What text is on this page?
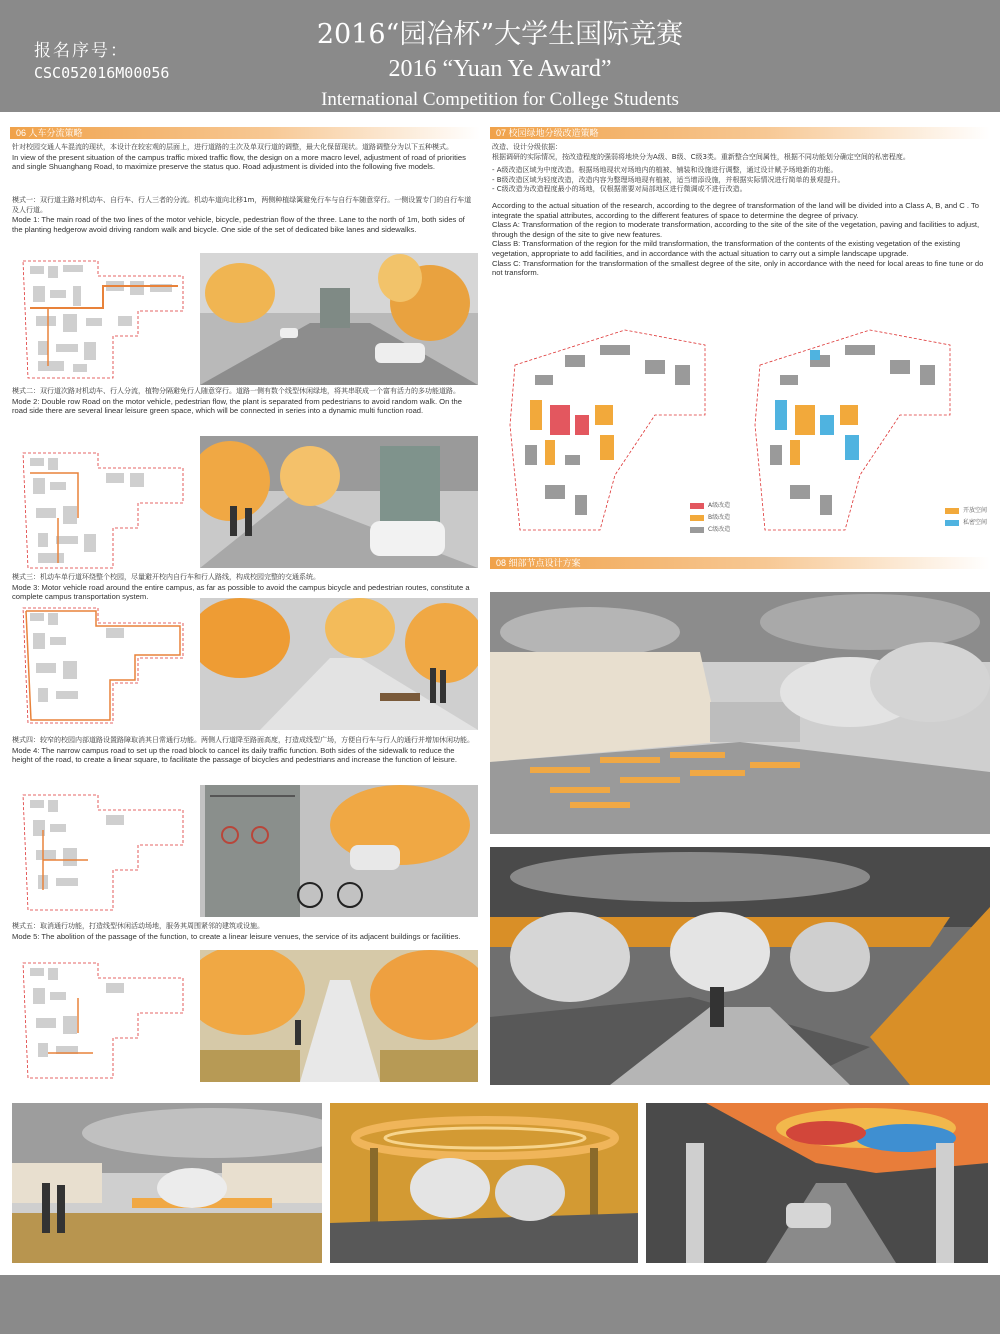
报名序号：
CSC052016M00056
2016“园冶杯”大学生国际竞赛
2016 “Yuan Ye Award”
International Competition for College Students
06 人车分流策略

针对校园交通人车混流的现状，本设计在较宏观的层面上，进行道路的主次及单双行道的调整，最大化保留现状。道路调整分为以下五种模式。

In view of the present situation of the campus traffic mixed traffic flow, the design on a more macro level, adjustment of road of priorities and single Shuanghang Road, to maximize preserve the status quo. Road adjustment is divided into the following five models.

模式一：双行道主路对机动车、自行车、行人三者的分流。机动车道向北移1m，两侧种植绿篱避免行车与自行车随意穿行。一侧设置专门的自行车道及人行道。

Mode 1: The main road of the two lines of the motor vehicle, bicycle, pedestrian flow of the three. Lane to the north of 1m, both sides of the planting hedgerow avoid driving random walk and bicycle. One side of the set of dedicated bike lanes and sidewalks.

模式二：双行道次路对机动车、行人分流，植物分隔避免行人随意穿行。道路一侧有数个线型休闲绿地，将其串联成一个富有活力的多功能道路。

Mode 2: Double row Road on the motor vehicle, pedestrian flow, the plant is separated from pedestrians to avoid random walk. On the road side there are several linear leisure green space, which will be connected in series into a dynamic multi function road.

模式三：机动车单行道环绕整个校园，尽量避开校内自行车和行人路线，构成校园完整的交通系统。

Mode 3: Motor vehicle road around the entire campus, as far as possible to avoid the campus bicycle and pedestrian routes, constitute a complete campus transportation system.

模式四：较窄的校园内部道路设置路障取消其日常通行功能。两侧人行道降至路面高度，打造成线型广场，方便自行车与行人的通行并增加休闲功能。

Mode 4: The narrow campus road to set up the road block to cancel its daily traffic function. Both sides of the sidewalk to reduce the height of the road, to create a linear square, to facilitate the passage of bicycles and pedestrians and increase the function of leisure.

模式五：取消通行功能，打造线型休闲活动场地，服务其周围紧邻的建筑或设施。

Mode 5: The abolition of the passage of the function, to create a linear leisure venues, the service of its adjacent buildings or facilities.

07 校园绿地分级改造策略

改造、设计分级依据：

根据调研的实际情况，按改造程度的强弱将地块分为A级、B级、C级3类。重新整合空间属性，根据不同功能划分确定空间的私密程度。

- A级改造区域为中度改造。根据场地现状对场地内的植被、铺装和设施进行调整，通过设计赋予场地新的功能。

- B级改造区域为轻度改造，改造内容为整理场地现有植被，适当增添设施，并根据实际情况进行简单的景观提升。

- C级改造为改造程度最小的场地，仅根据需要对局部地区进行微调或不进行改造。

According to the actual situation of the research, according to the degree of transformation of the land will be divided into a Class A, B, and C . To integrate the spatial attributes, according to the different features of space to determine the degree of privacy.

Class A: Transformation of the region to moderate transformation, according to the site of the site of the vegetation, paving and facilities to adjust, through the design of the site to give new features.

Class B: Transformation of the region for the mild transformation, the transformation of the contents of the existing vegetation of the existing vegetation, appropriate to add facilities, and in accordance with the actual situation to carry out a simple landscape upgrade.

Class C: Transformation for the transformation of the smallest degree of the site, only in accordance with the need for local areas to fine tune or do not transform.

A级改造
B级改造
C级改造
开放空间
私密空间
08 细部节点设计方案
